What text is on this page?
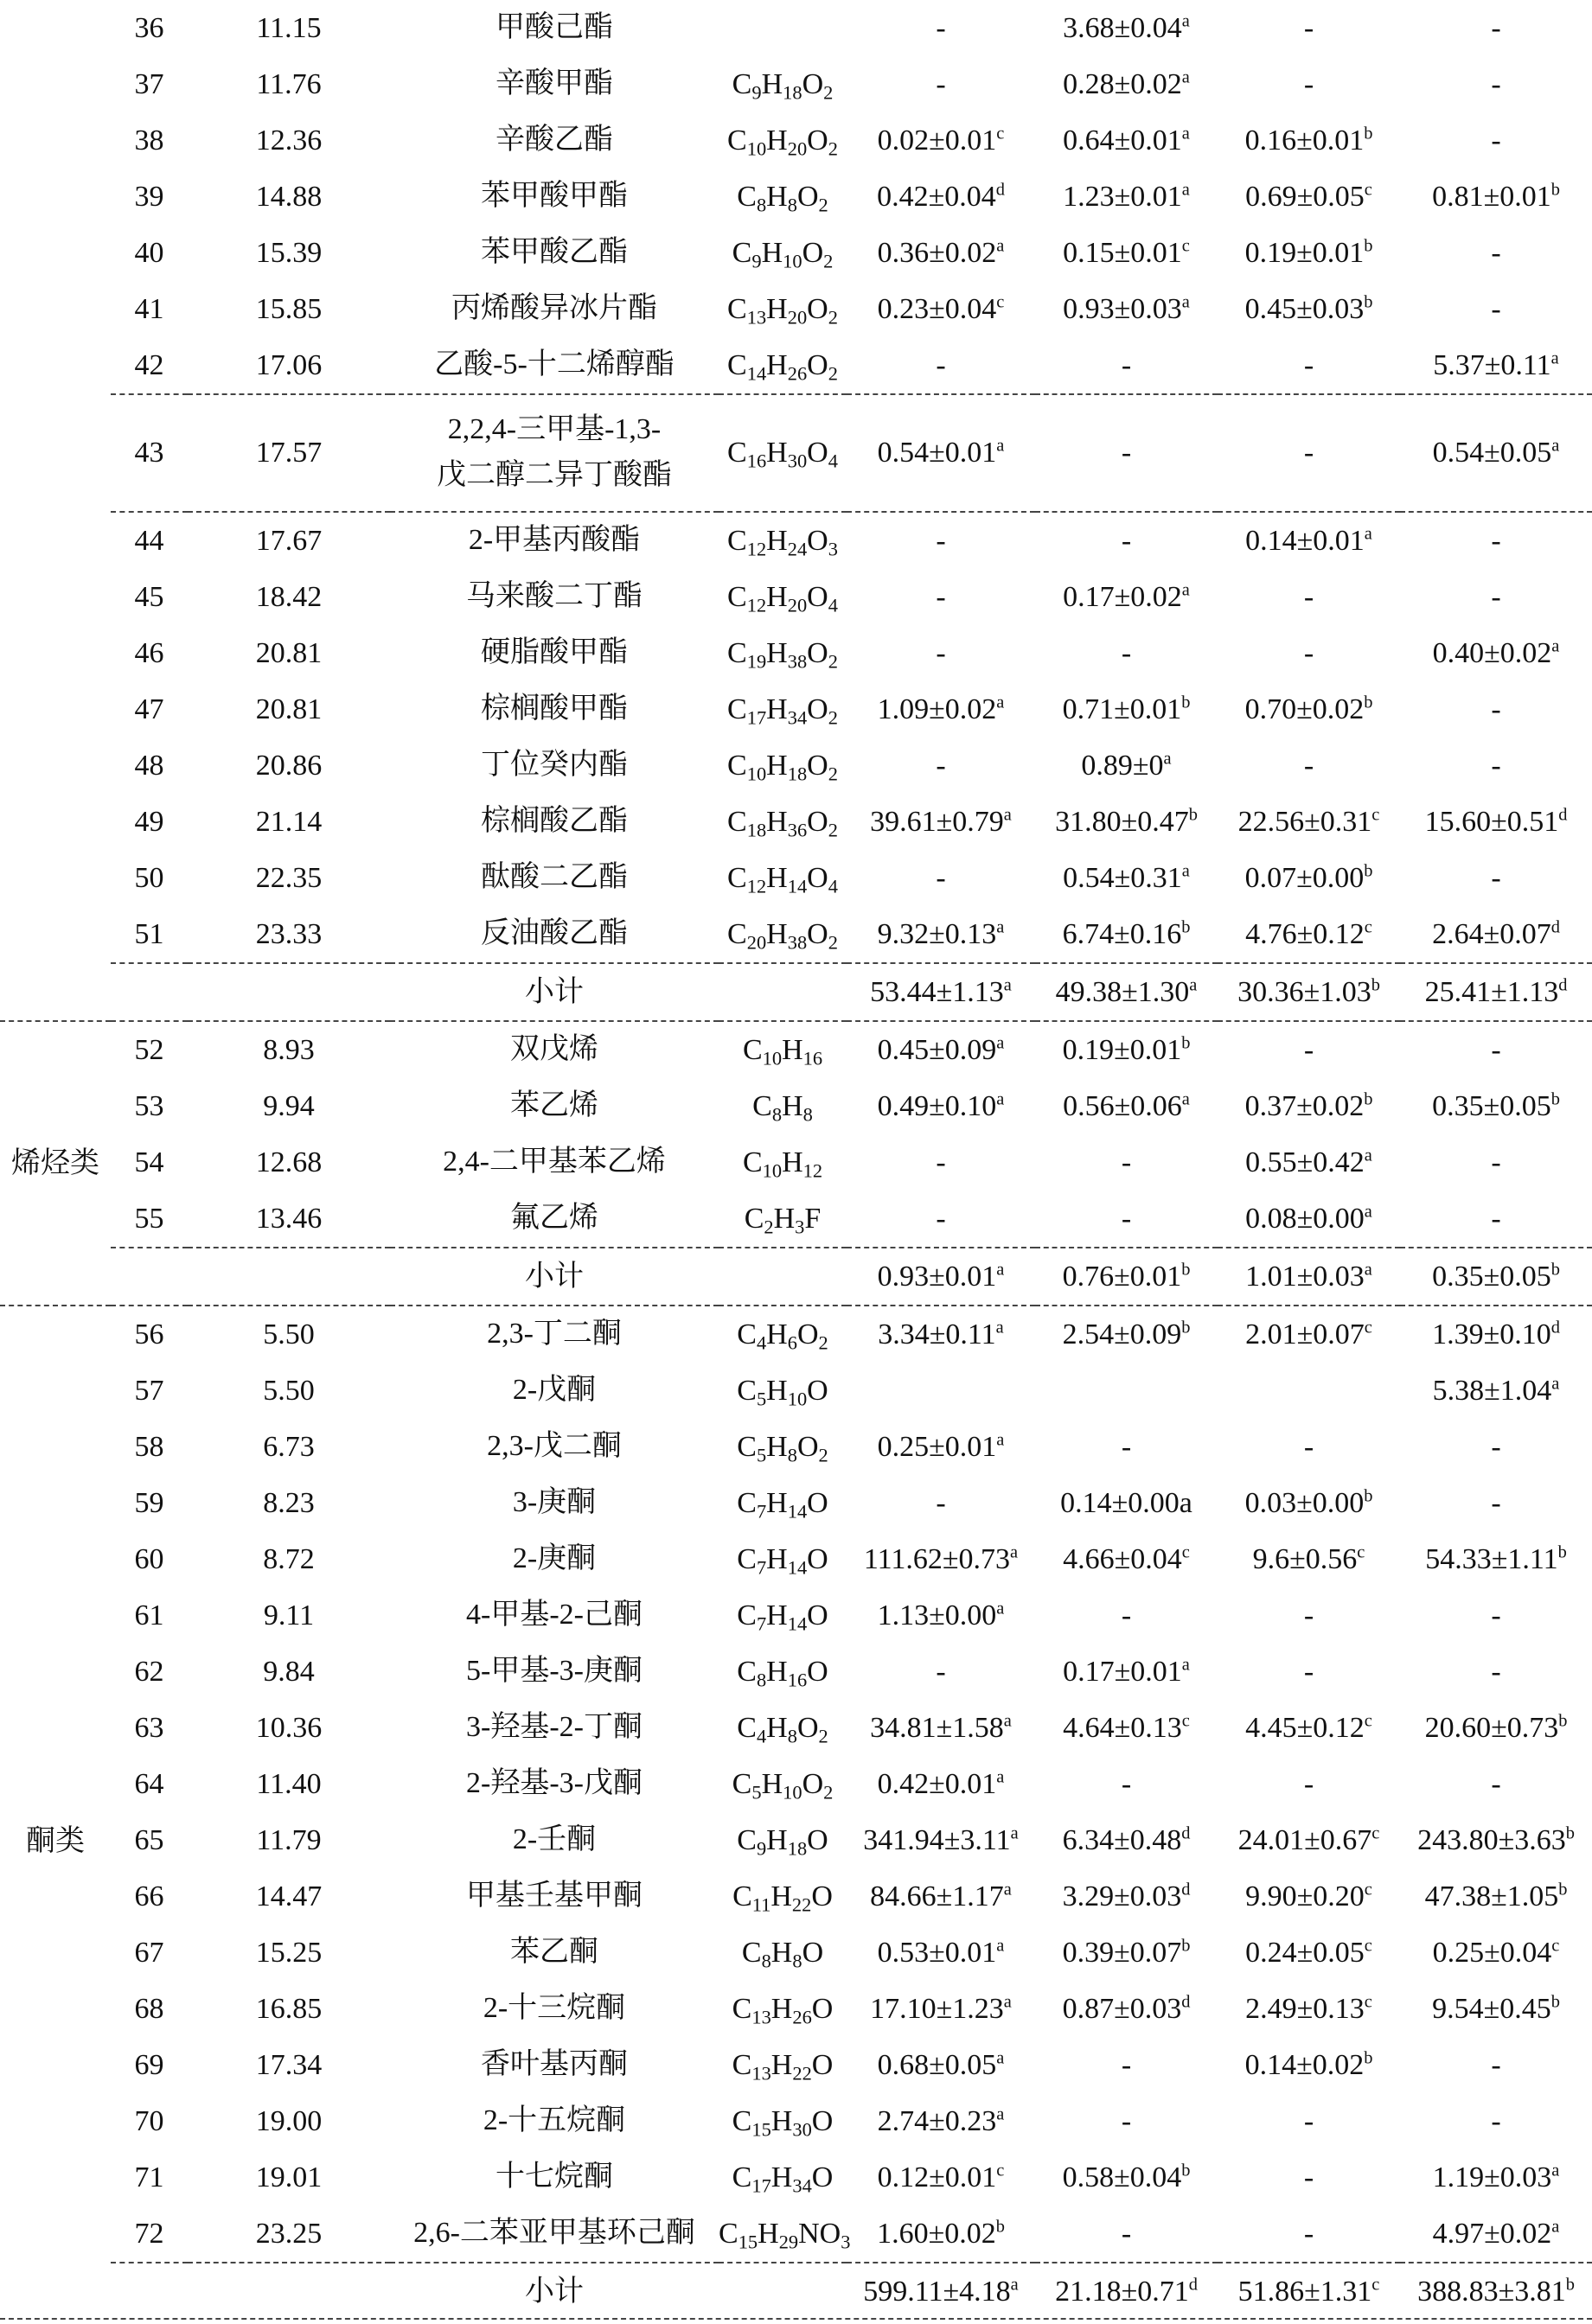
	36	11.15	甲酸己酯		-	3.68±0.04$^a$	-	-
	37	11.76	辛酸甲酯	$C_9H_{18}O_2$	-	0.28±0.02$^a$	-	-
	38	12.36	辛酸乙酯	$C_{10}H_{20}O_2$	0.02±0.01$^c$	0.64±0.01$^a$	0.16±0.01$^b$	-
	39	14.88	苯甲酸甲酯	$C_8H_8O_2$	0.42±0.04$^d$	1.23±0.01$^a$	0.69±0.05$^c$	0.81±0.01$^b$
	40	15.39	苯甲酸乙酯	$C_9H_{10}O_2$	0.36±0.02$^a$	0.15±0.01$^c$	0.19±0.01$^b$	-
	41	15.85	丙烯酸异冰片酯	$C_{13}H_{20}O_2$	0.23±0.04$^c$	0.93±0.03$^a$	0.45±0.03$^b$	-
	42	17.06	乙酸-5-十二烯醇酯	$C_{14}H_{26}O_2$	-	-	-	5.37±0.11$^a$
	43	17.57	2,2,4-三甲基-1,3-
戊二醇二异丁酸酯	$C_{16}H_{30}O_4$	0.54±0.01$^a$	-	-	0.54±0.05$^a$
	44	17.67	2-甲基丙酸酯	$C_{12}H_{24}O_3$	-	-	0.14±0.01$^a$	-
	45	18.42	马来酸二丁酯	$C_{12}H_{20}O_4$	-	0.17±0.02$^a$	-	-
	46	20.81	硬脂酸甲酯	$C_{19}H_{38}O_2$	-	-	-	0.40±0.02$^a$
	47	20.81	棕榈酸甲酯	$C_{17}H_{34}O_2$	1.09±0.02$^a$	0.71±0.01$^b$	0.70±0.02$^b$	-
	48	20.86	丁位癸内酯	$C_{10}H_{18}O_2$	-	$0.89\pm 0^a$	-	-
	49	21.14	棕榈酸乙酯	$C_{18}H_{36}O_2$	39.61±0.79$^a$	31.80±0.47$^b$	22.56±0.31$^c$	15.60±0.51$^d$
	50	22.35	酞酸二乙酯	$C_{12}H_{14}O_4$	-	0.54±0.31$^a$	0.07±0.00$^b$	-
	51	23.33	反油酸乙酯	$C_{20}H_{38}O_2$	9.32±0.13$^a$	6.74±0.16$^b$	4.76±0.12$^c$	2.64±0.07$^d$
			小计		53.44±1.13$^a$	49.38±1.30$^a$	30.36±1.03$^b$	25.41±1.13$^d$
烯烃类	52	8.93	双戊烯	$C_{10}H_{16}$	0.45±0.09$^a$	0.19±0.01$^b$	-	-
	53	9.94	苯乙烯	$C_8H_8$	0.49±0.10$^a$	0.56±0.06$^a$	0.37±0.02$^b$	0.35±0.05$^b$
	54	12.68	2,4-二甲基苯乙烯	$C_{10}H_{12}$	-	-	0.55±0.42$^a$	-
	55	13.46	氟乙烯	$C_2H_3F$	-	-	0.08±0.00$^a$	-
			小计		0.93±0.01$^a$	0.76±0.01$^b$	1.01±0.03$^a$	0.35±0.05$^b$
	56	5.50	2,3-丁二酮	$C_4H_6O_2$	3.34±0.11$^a$	2.54±0.09$^b$	2.01±0.07$^c$	1.39±0.10$^d$
酮类	57	5.50	2-戊酮	$C_5H_{10}O$				5.38±1.04$^a$
	58	6.73	2,3-戊二酮	$C_5H_8O_2$	0.25±0.01$^a$	-	-	-
	59	8.23	3-庚酮	$C_7H_{14}O$	-	0.14±0.00a	0.03±0.00$^b$	-
	60	8.72	2-庚酮	$C_7H_{14}O$	111.62±0.73$^a$	4.66±0.04$^c$	9.6±0.56$^c$	54.33±1.11$^b$
	61	9.11	4-甲基-2-己酮	$C_7H_{14}O$	1.13±0.00$^a$	-	-	-
	62	9.84	5-甲基-3-庚酮	$C_8H_{16}O$	-	0.17±0.01$^a$	-	-
	63	10.36	3-羟基-2-丁酮	$C_4H_8O_2$	34.81±1.58$^a$	4.64±0.13$^c$	4.45±0.12$^c$	20.60±0.73$^b$
	64	11.40	2-羟基-3-戊酮	$C_5H_{10}O_2$	0.42±0.01$^a$	-	-	-
	65	11.79	2-壬酮	$C_9H_{18}O$	341.94±3.11$^a$	6.34±0.48$^d$	24.01±0.67$^c$	243.80±3.63$^b$
	66	14.47	甲基壬基甲酮	$C_{11}H_{22}O$	84.66±1.17$^a$	3.29±0.03$^d$	9.90±0.20$^c$	47.38±1.05$^b$
	67	15.25	苯乙酮	$C_8H_8O$	0.53±0.01$^a$	0.39±0.07$^b$	0.24±0.05$^c$	0.25±0.04$^c$
	68	16.85	2-十三烷酮	$C_{13}H_{26}O$	17.10±1.23$^a$	0.87±0.03$^d$	2.49±0.13$^c$	9.54±0.45$^b$
	69	17.34	香叶基丙酮	$C_{13}H_{22}O$	0.68±0.05$^a$	-	0.14±0.02$^b$	-
	70	19.00	2-十五烷酮	$C_{15}H_{30}O$	2.74±0.23$^a$	-	-	-
	71	19.01	十七烷酮	$C_{17}H_{34}O$	0.12±0.01$^c$	0.58±0.04$^b$	-	1.19±0.03$^a$
	72	23.25	2,6-二苯亚甲基环己酮	$C_{15}H_{29}NO_3$	1.60±0.02$^b$	-	-	4.97±0.02$^a$
			小计		599.11±4.18$^a$	21.18±0.71$^d$	51.86±1.31$^c$	388.83±3.81$^b$
